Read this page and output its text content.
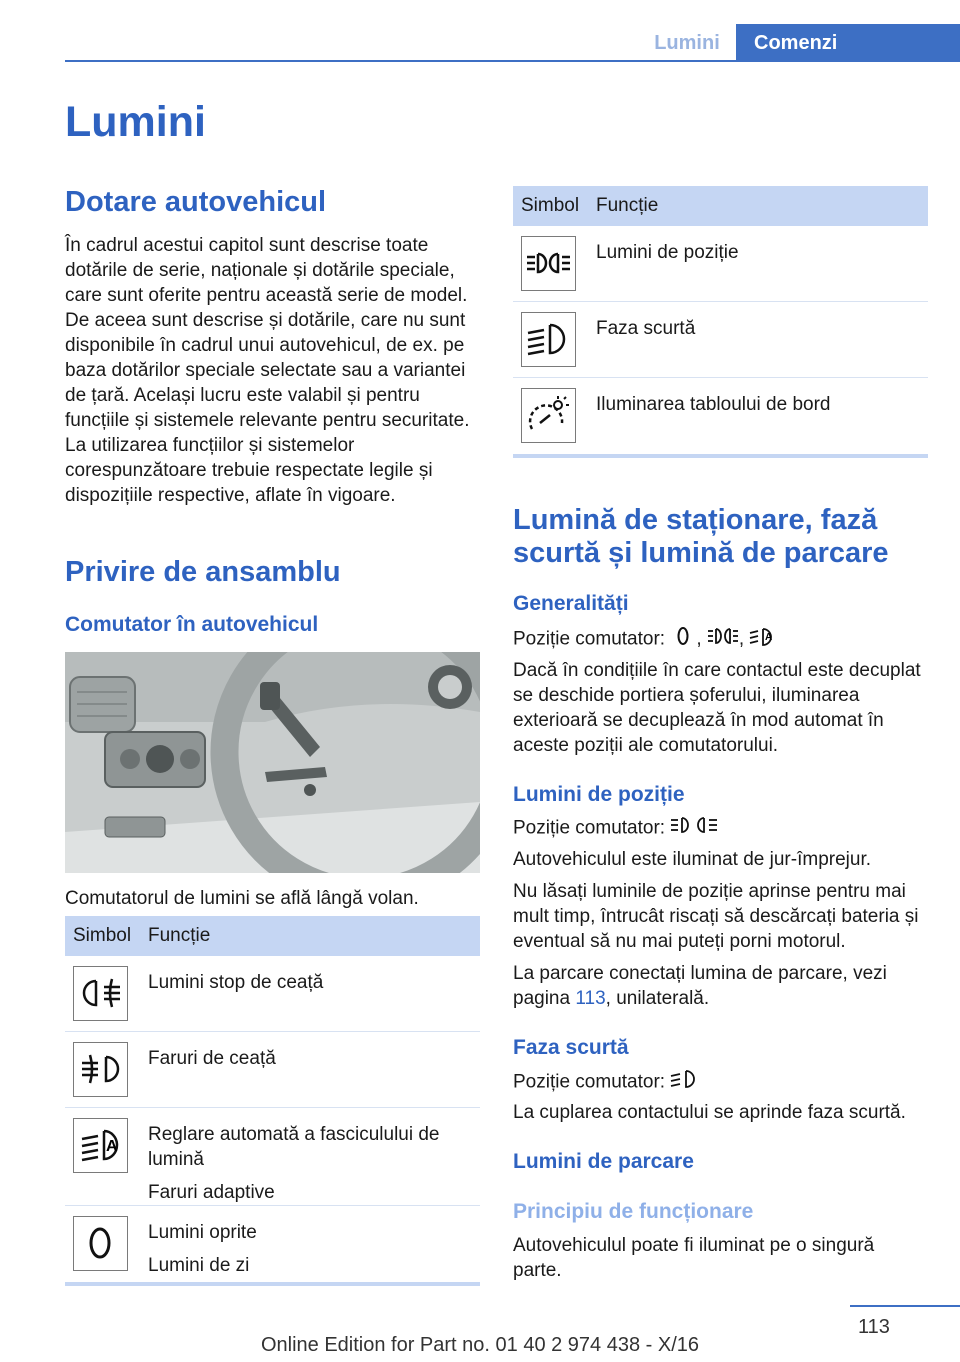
Lumini	Comenzi
Lumini
Dotare autovehicul
În cadrul acestui capitol sunt descrise toate dotările de serie, naționale și dotările speciale, care sunt oferite pentru această serie de model. De aceea sunt descrise și dotările, care nu sunt disponibile în cadrul unui autovehicul, de ex. pe baza dotărilor speciale selectate sau a variantei de țară. Același lucru este valabil și pentru funcțiile și sistemele relevante pentru securitate. La utilizarea funcțiilor și sistemelor corespunzătoare trebuie respectate legile și dispozițiile respective, aflate în vigoare.
Privire de ansamblu
Comutator în autovehicul
Comutatorul de lumini se află lângă volan.
Simbol Funcție
Lumini stop de ceață
Faruri de ceață
A
Reglare automată a fasciculului de lumină
Faruri adaptive
Lumini oprite
Lumini de zi
Simbol Funcție
Lumini de poziție
Faza scurtă
Iluminarea tabloului de bord
Lumină de staționare, fază scurtă și lumină de parcare
Generalități
Poziție comutator: , , A
Dacă în condițiile în care contactul este decuplat se deschide portiera șoferului, iluminarea exterioară se decuplează în mod automat în aceste poziții ale comutatorului.
Lumini de poziție
Poziție comutator:
Autovehiculul este iluminat de jur-împrejur.
Nu lăsați luminile de poziție aprinse pentru mai mult timp, întrucât riscați să descărcați bateria și eventual să nu mai puteți porni motorul.
La parcare conectați lumina de parcare, vezi pagina 113, unilaterală.
Faza scurtă
Poziție comutator:
La cuplarea contactului se aprinde faza scurtă.
Lumini de parcare
Principiu de funcționare
Autovehiculul poate fi iluminat pe o singură parte.
113
Online Edition for Part no. 01 40 2 974 438 - X/16
